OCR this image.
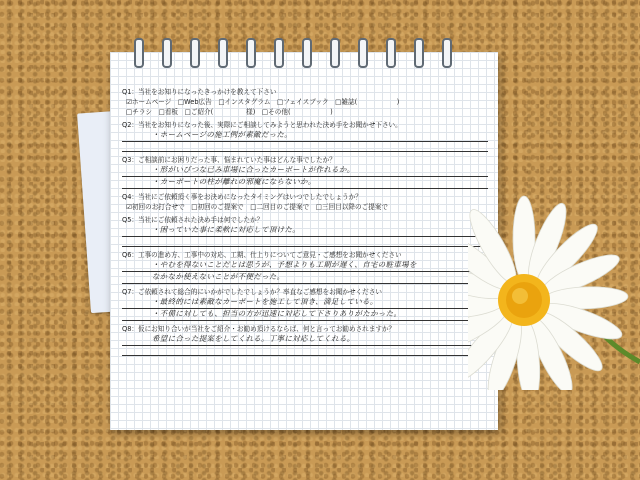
Q1：当社をお知りになったきっかけを教えて下さい

☑ホームページ　□Web広告　□インスタグラム　□フェイスブック　□雑誌(　　　　　　)
□チラシ　□看板　□ご紹介(　　　　　様)　□その他(　　　　　　)

Q2：当社をお知りになった後、実際にご相談してみようと思われた決め手をお聞かせ下さい。

・ホームページの施工例が素敵だった。

Q3：ご相談前にお困りだった事、悩まれていた事はどんな事でしたか？

・形がいびつな已み車場に合ったカーポートが作れるか。
・カーポートの柱が離れの邪魔にならないか。

Q4：当社にご依頼頂く事をお決めになったタイミングはいつでしたでしょうか？

☑初回のお打合せで　□初回のご提案で　□二回目のご提案で　□三回目以降のご提案で

Q5：当社にご依頼された決め手は何でしたか？

・困っていた事に柔軟に対応して頂けた。

Q6：工事の進め方、工事中の対応、工期、仕上りについてご意見・ご感想をお聞かせください

・やむを得ないことだとは思うが、予想よりも工期が遅く、自宅の駐車場を
なかなか使えないことが不便だった。

Q7：ご依頼されて総合的にいかがでしたでしょうか？率直なご感想をお聞かせください

・最終的には素敵なカーポートを施工して頂き、満足している。
・不備に対しても、担当の方が迅速に対応して下さりありがたかった。

Q8：仮にお知り合いが当社をご紹介・お勧め頂けるならば、何と言ってお勧めされますか？

希望に合った提案をしてくれる。丁寧に対応してくれる。
